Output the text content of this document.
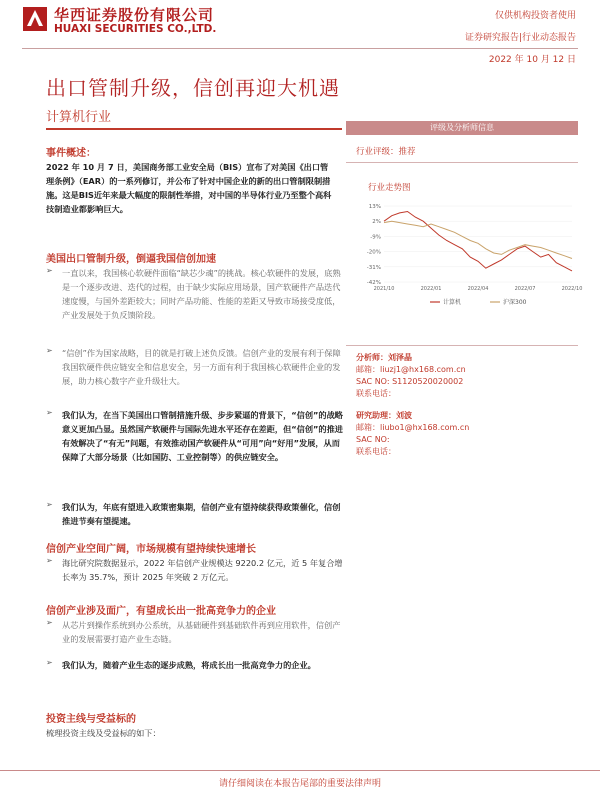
华西证券股份有限公司
HUAXI SECURITIES CO.,LTD.
仅供机构投资者使用
证券研究报告|行业动态报告
2022 年 10 月 12 日
出口管制升级，信创再迎大机遇
计算机行业
评级及分析师信息
行业评级：推荐
行业走势图
13%
2%
-9%
-20%
-31%
-42%
2021/10	2022/01	2022/04	2022/07	2022/10
计算机	沪深300
分析师：刘泽晶
邮箱：liuzj1@hx168.com.cn
SAC NO: S1120520020002
联系电话：
研究助理：刘波
邮箱：liubo1@hx168.com.cn
SAC NO:
联系电话：
事件概述：
2022 年 10 月 7 日，美国商务部工业安全局（BIS）宣布了对美国《出口管理条例》（EAR）的一系列修订，并公布了针对中国企业的新的出口管制限制措施。这是BIS近年来最大幅度的限制性举措，对中国的半导体行业乃至整个高科技制造业都影响巨大。
美国出口管制升级，倒逼我国信创加速
➢ 一直以来，我国核心软硬件面临“缺芯少魂”的挑战。核心软硬件的发展，底熟是一个逐步改进、迭代的过程，由于缺少实际应用场景，国产软硬件产品迭代速度慢，与国外差距较大；同时产品功能、性能的差距又导致市场接受度低，产业发展处于负反馈阶段。
➢ “信创”作为国家战略，目的就是打破上述负反馈。信创产业的发展有利于保障我国软硬件供应链安全和信息安全，另一方面有利于我国核心软硬件企业的发展，助力核心数字产业升级壮大。
➢ 我们认为，在当下美国出口管制措施升级、步步紧逼的背景下，“信创”的战略意义更加凸显。虽然国产软硬件与国际先进水平还存在差距，但“信创”的推进有效解决了“有无”问题，有效推动国产软硬件从“可用”向“好用”发展，从而保障了大部分场景（比如国防、工业控制等）的供应链安全。
➢ 我们认为，年底有望进入政策密集期，信创产业有望持续获得政策催化，信创推进节奏有望提速。
信创产业空间广阔，市场规模有望持续快速增长
➢ 海比研究院数据显示，2022 年信创产业规模达 9220.2 亿元，近 5 年复合增长率为 35.7%，预计 2025 年突破 2 万亿元。
信创产业涉及面广，有望成长出一批高竞争力的企业
➢ 从芯片到操作系统到办公系统，从基础硬件到基础软件再到应用软件，信创产业的发展需要打造产业生态链。
➢ 我们认为，随着产业生态的逐步成熟，将成长出一批高竞争力的企业。
投资主线与受益标的
梳理投资主线及受益标的如下：
请仔细阅读在本报告尾部的重要法律声明
